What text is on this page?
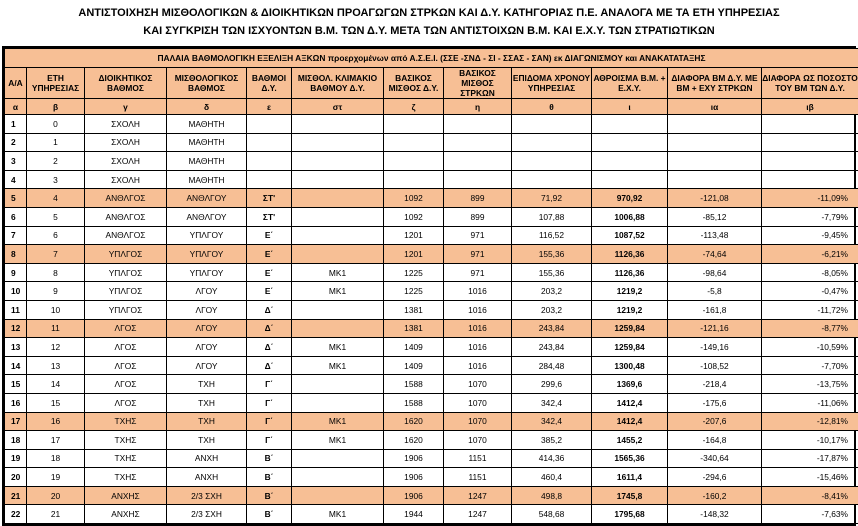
ΑΝΤΙΣΤΟΙΧΗΣΗ ΜΙΣΘΟΛΟΓΙΚΩΝ & ΔΙΟΙΚΗΤΙΚΩΝ ΠΡΟΑΓΩΓΩΝ ΣΤΡΚΩΝ ΚΑΙ Δ.Υ. ΚΑΤΗΓΟΡΙΑΣ Π.Ε. ΑΝΑΛΟΓΑ ΜΕ ΤΑ ΕΤΗ ΥΠΗΡΕΣΙΑΣ
ΚΑΙ ΣΥΓΚΡΙΣΗ ΤΩΝ ΙΣΧΥΟΝΤΩΝ Β.Μ. ΤΩΝ Δ.Υ. ΜΕΤΑ ΤΩΝ ΑΝΤΙΣΤΟΙΧΩΝ Β.Μ. ΚΑΙ Ε.Χ.Υ. ΤΩΝ ΣΤΡΑΤΙΩΤΙΚΩΝ
ΠΑΛΑΙΑ ΒΑΘΜΟΛΟΓΙΚΗ ΕΞΕΛΙΞΗ ΑΞΚΩΝ προερχομένων από Α.Σ.Ε.Ι. (ΣΣΕ -ΣΝΔ - ΣΙ - ΣΣΑΣ - ΣΑΝ) εκ ΔΙΑΓΩΝΙΣΜΟΥ και ΑΝΑΚΑΤΑΤΑΞΗΣ											
Α/Α	ΕΤΗ ΥΠΗΡΕΣΙΑΣ	ΔΙΟΙΚΗΤΙΚΟΣ ΒΑΘΜΟΣ	ΜΙΣΘΟΛΟΓΙΚΟΣ ΒΑΘΜΟΣ	ΒΑΘΜΟΙ Δ.Υ.	ΜΙΣΘΟΛ. ΚΛΙΜΑΚΙΟ ΒΑΘΜΟΥ Δ.Υ.	ΒΑΣΙΚΟΣ ΜΙΣΘΟΣ Δ.Υ.	ΒΑΣΙΚΟΣ ΜΙΣΘΟΣ ΣΤΡΚΩΝ	ΕΠΙΔΟΜΑ ΧΡΟΝΟΥ ΥΠΗΡΕΣΙΑΣ	ΑΘΡΟΙΣΜΑ Β.Μ. + Ε.Χ.Υ.	ΔΙΑΦΟΡΑ ΒΜ Δ.Υ. ΜΕ ΒΜ + ΕΧΥ ΣΤΡΚΩΝ	ΔΙΑΦΟΡΑ ΩΣ ΠΟΣΟΣΤΟ ΤΟΥ ΒΜ ΤΩΝ Δ.Υ.
α	β	γ	δ	ε	στ	ζ	η	θ	ι	ια	ιβ
1	0	ΣΧΟΛΗ	ΜΑΘΗΤΗ								
2	1	ΣΧΟΛΗ	ΜΑΘΗΤΗ								
3	2	ΣΧΟΛΗ	ΜΑΘΗΤΗ								
4	3	ΣΧΟΛΗ	ΜΑΘΗΤΗ								
5	4	ΑΝΘΛΓΟΣ	ΑΝΘΛΓΟΥ	ΣΤ'		1092	899	71,92	970,92	-121,08	-11,09%
6	5	ΑΝΘΛΓΟΣ	ΑΝΘΛΓΟΥ	ΣΤ'		1092	899	107,88	1006,88	-85,12	-7,79%
7	6	ΑΝΘΛΓΟΣ	ΥΠΛΓΟΥ	Ε΄		1201	971	116,52	1087,52	-113,48	-9,45%
8	7	ΥΠΛΓΟΣ	ΥΠΛΓΟΥ	Ε΄		1201	971	155,36	1126,36	-74,64	-6,21%
9	8	ΥΠΛΓΟΣ	ΥΠΛΓΟΥ	Ε΄	ΜΚ1	1225	971	155,36	1126,36	-98,64	-8,05%
10	9	ΥΠΛΓΟΣ	ΛΓΟΥ	Ε΄	ΜΚ1	1225	1016	203,2	1219,2	-5,8	-0,47%
11	10	ΥΠΛΓΟΣ	ΛΓΟΥ	Δ΄		1381	1016	203,2	1219,2	-161,8	-11,72%
12	11	ΛΓΟΣ	ΛΓΟΥ	Δ΄		1381	1016	243,84	1259,84	-121,16	-8,77%
13	12	ΛΓΟΣ	ΛΓΟΥ	Δ΄	ΜΚ1	1409	1016	243,84	1259,84	-149,16	-10,59%
14	13	ΛΓΟΣ	ΛΓΟΥ	Δ΄	ΜΚ1	1409	1016	284,48	1300,48	-108,52	-7,70%
15	14	ΛΓΟΣ	ΤΧΗ	Γ΄		1588	1070	299,6	1369,6	-218,4	-13,75%
16	15	ΛΓΟΣ	ΤΧΗ	Γ΄		1588	1070	342,4	1412,4	-175,6	-11,06%
17	16	ΤΧΗΣ	ΤΧΗ	Γ΄	ΜΚ1	1620	1070	342,4	1412,4	-207,6	-12,81%
18	17	ΤΧΗΣ	ΤΧΗ	Γ΄	ΜΚ1	1620	1070	385,2	1455,2	-164,8	-10,17%
19	18	ΤΧΗΣ	ΑΝΧΗ	Β΄		1906	1151	414,36	1565,36	-340,64	-17,87%
20	19	ΤΧΗΣ	ΑΝΧΗ	Β΄		1906	1151	460,4	1611,4	-294,6	-15,46%
21	20	ΑΝΧΗΣ	2/3 ΣΧΗ	Β΄		1906	1247	498,8	1745,8	-160,2	-8,41%
22	21	ΑΝΧΗΣ	2/3 ΣΧΗ	Β΄	ΜΚ1	1944	1247	548,68	1795,68	-148,32	-7,63%
